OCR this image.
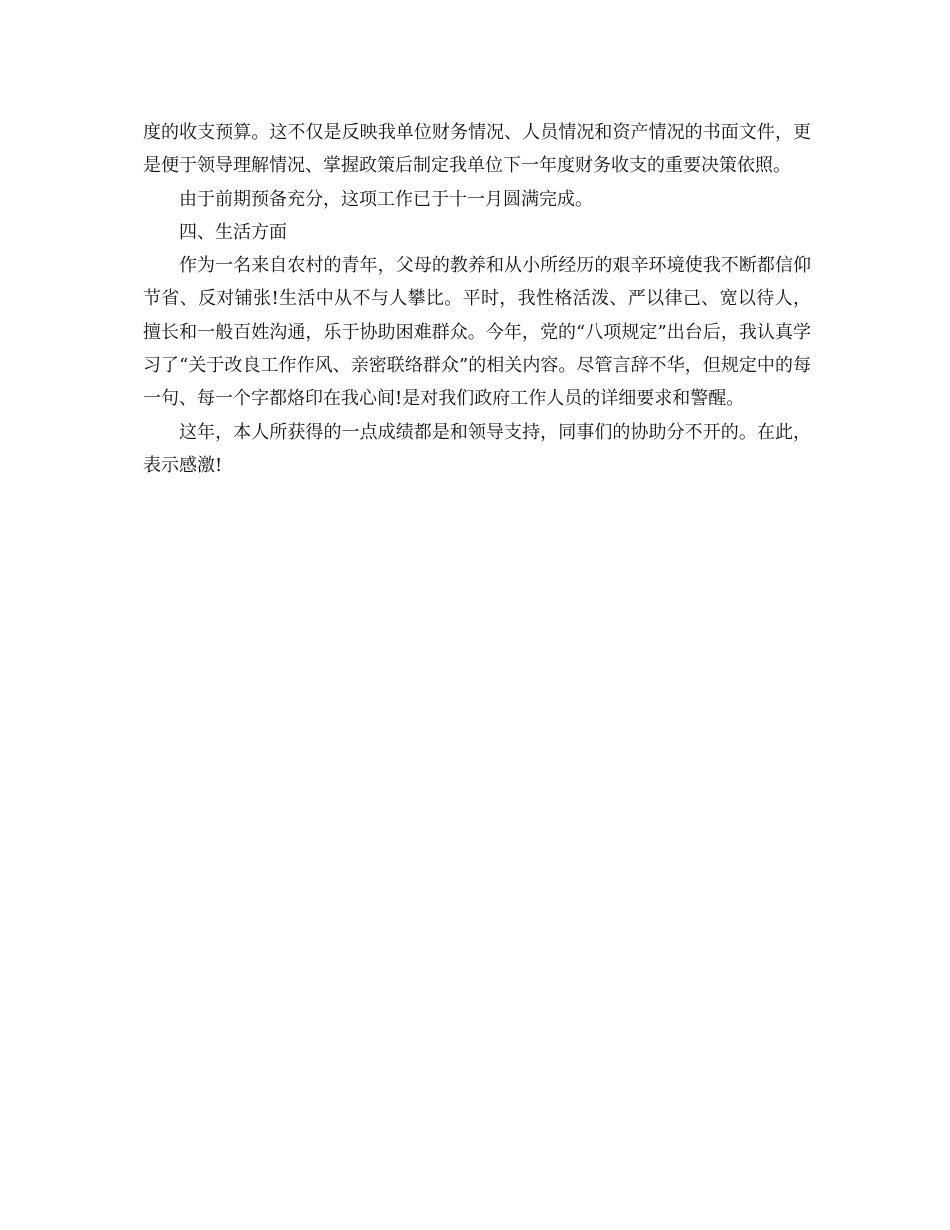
度的收支预算。这不仅是反映我单位财务情况、人员情况和资产情况的书面文件，更是便于领导理解情况、掌握政策后制定我单位下一年度财务收支的重要决策依照。

由于前期预备充分，这项工作已于十一月圆满完成。

四、生活方面

作为一名来自农村的青年，父母的教养和从小所经历的艰辛环境使我不断都信仰节省、反对铺张!生活中从不与人攀比。平时，我性格活泼、严以律己、宽以待人，擅长和一般百姓沟通，乐于协助困难群众。今年，党的“八项规定”出台后，我认真学习了“关于改良工作作风、亲密联络群众”的相关内容。尽管言辞不华，但规定中的每一句、每一个字都烙印在我心间!是对我们政府工作人员的详细要求和警醒。

这年，本人所获得的一点成绩都是和领导支持，同事们的协助分不开的。在此，表示感激!
